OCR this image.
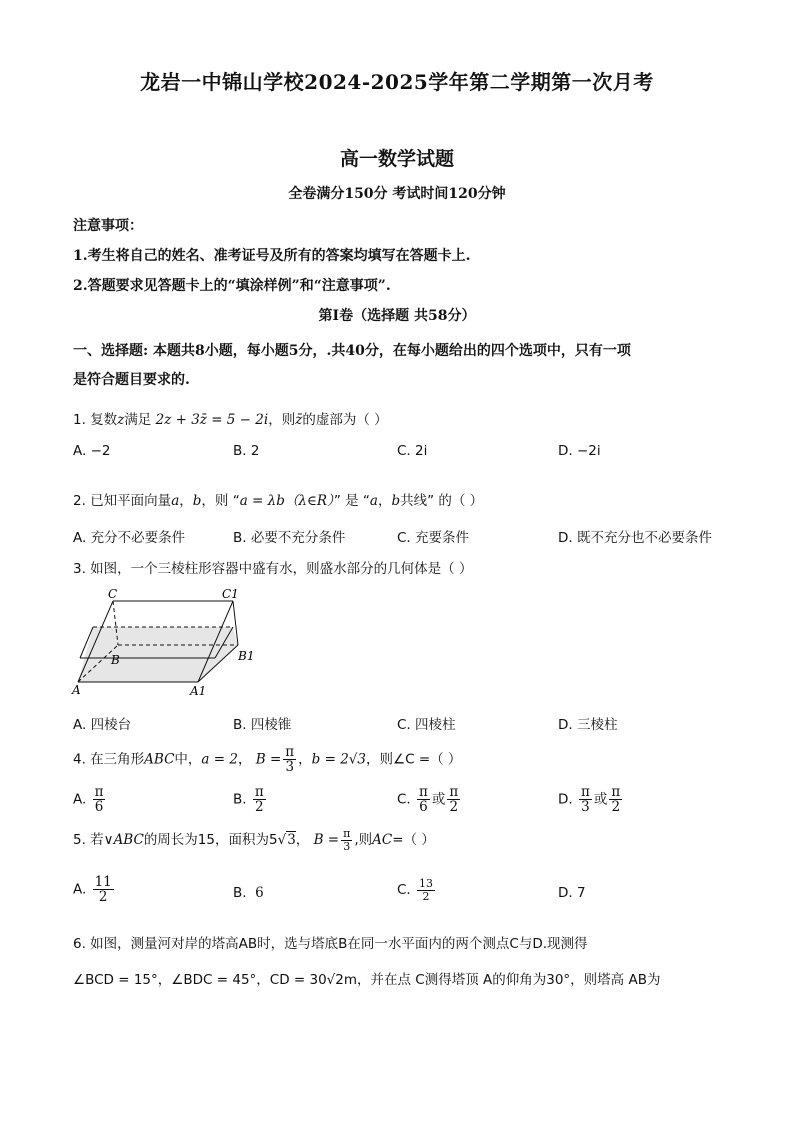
龙岩一中锦山学校2024-2025学年第二学期第一次月考
高一数学试题
全卷满分150分 考试时间120分钟
注意事项：
1.考生将自己的姓名、准考证号及所有的答案均填写在答题卡上.
2.答题要求见答题卡上的“填涂样例”和“注意事项”.
第Ⅰ卷（选择题 共58分）
一、选择题: 本题共8小题，每小题5分，.共40分，在每小题给出的四个选项中，只有一项
是符合题目要求的.
1. 复数z满足 2z + 3z̄ = 5 − 2i，则z̄的虚部为（ ）
A. −2	B. 2	C. 2i	D. −2i
2. 已知平面向量a，b，则 “a = λb（λ∈R）” 是 “a，b共线” 的（ ）
A. 充分不必要条件	B. 必要不充分条件	C. 充要条件	D. 既不充分也不必要条件
3. 如图，一个三棱柱形容器中盛有水，则盛水部分的几何体是（ ）
C	C1
B	B1
A	A1
A. 四棱台	B. 四棱锥	C. 四棱柱	D. 三棱柱
4. 在三角形ABC中，a = 2， $B = \frac{\pi}{3}$ ，b = 2√3，则∠C =（ ）
A. $\frac{\pi}{6}$	B. $\frac{\pi}{2}$	C. $\frac{\pi}{6}$ 或 $\frac{\pi}{2}$	D. $\frac{\pi}{3}$ 或 $\frac{\pi}{2}$
5. 若∨ABC的周长为15，面积为5√3， $B = \frac{\pi}{3}$ ,则AC=（ ）
A. $\frac{11}{2}$	B. 6	C. $\frac{13}{2}$	D. 7
6. 如图，测量河对岸的塔高AB时，选与塔底B在同一水平面内的两个测点C与D.现测得
∠BCD = 15°，∠BDC = 45°，CD = 30√2m，并在点 C测得塔顶 A的仰角为30°，则塔高 AB为
